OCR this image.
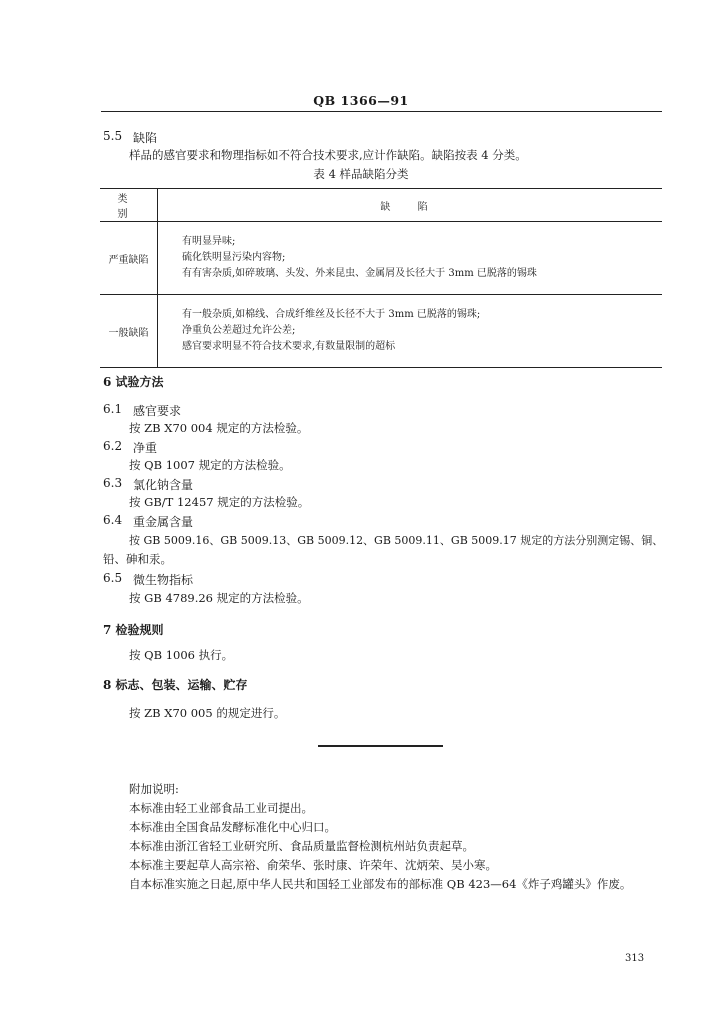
QB 1366—91
5.5 缺陷
样品的感官要求和物理指标如不符合技术要求,应计作缺陷。缺陷按表 4 分类。
表 4 样品缺陷分类
类 别	缺 陷
严重缺陷	有明显异味;
硫化铁明显污染内容物;
有有害杂质,如碎玻璃、头发、外来昆虫、金属屑及长径大于 3mm 已脱落的锡珠

一般缺陷	有一般杂质,如棉线、合成纤维丝及长径不大于 3mm 已脱落的锡珠;
净重负公差超过允许公差;
感官要求明显不符合技术要求,有数量限制的超标
6 试验方法
6.1 感官要求
按 ZB X70 004 规定的方法检验。
6.2 净重
按 QB 1007 规定的方法检验。
6.3 氯化钠含量
按 GB/T 12457 规定的方法检验。
6.4 重金属含量
按 GB 5009.16、GB 5009.13、GB 5009.12、GB 5009.11、GB 5009.17 规定的方法分别测定锡、铜、
铅、砷和汞。
6.5 微生物指标
按 GB 4789.26 规定的方法检验。
7 检验规则
按 QB 1006 执行。
8 标志、包装、运输、贮存
按 ZB X70 005 的规定进行。
附加说明:
本标准由轻工业部食品工业司提出。
本标准由全国食品发酵标准化中心归口。
本标准由浙江省轻工业研究所、食品质量监督检测杭州站负责起草。
本标准主要起草人高宗裕、俞荣华、张时康、许荣年、沈炳荣、吴小寒。
自本标准实施之日起,原中华人民共和国轻工业部发布的部标准 QB 423—64《炸子鸡罐头》作废。
313
